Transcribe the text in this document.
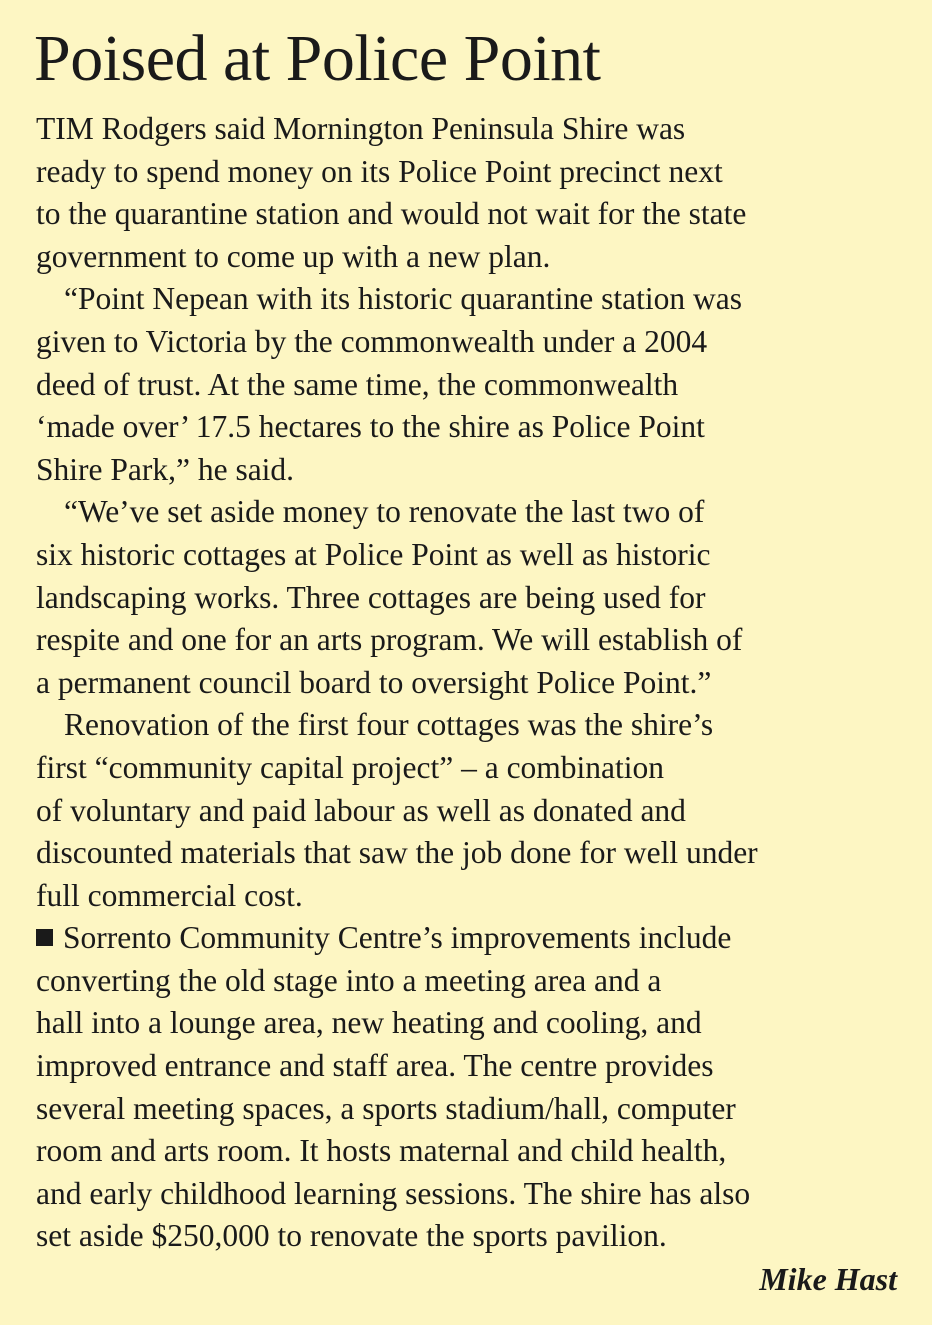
Poised at Police Point
TIM Rodgers said Mornington Peninsula Shire was
ready to spend money on its Police Point precinct next
to the quarantine station and would not wait for the state
government to come up with a new plan.
“Point Nepean with its historic quarantine station was
given to Victoria by the commonwealth under a 2004
deed of trust. At the same time, the commonwealth
‘made over’ 17.5 hectares to the shire as Police Point
Shire Park,” he said.
“We’ve set aside money to renovate the last two of
six historic cottages at Police Point as well as historic
landscaping works. Three cottages are being used for
respite and one for an arts program. We will establish of
a permanent council board to oversight Police Point.”
Renovation of the first four cottages was the shire’s
first “community capital project” – a combination
of voluntary and paid labour as well as donated and
discounted materials that saw the job done for well under
full commercial cost.
Sorrento Community Centre’s improvements include
converting the old stage into a meeting area and a
hall into a lounge area, new heating and cooling, and
improved entrance and staff area. The centre provides
several meeting spaces, a sports stadium/hall, computer
room and arts room. It hosts maternal and child health,
and early childhood learning sessions. The shire has also
set aside $250,000 to renovate the sports pavilion.
Mike Hast
